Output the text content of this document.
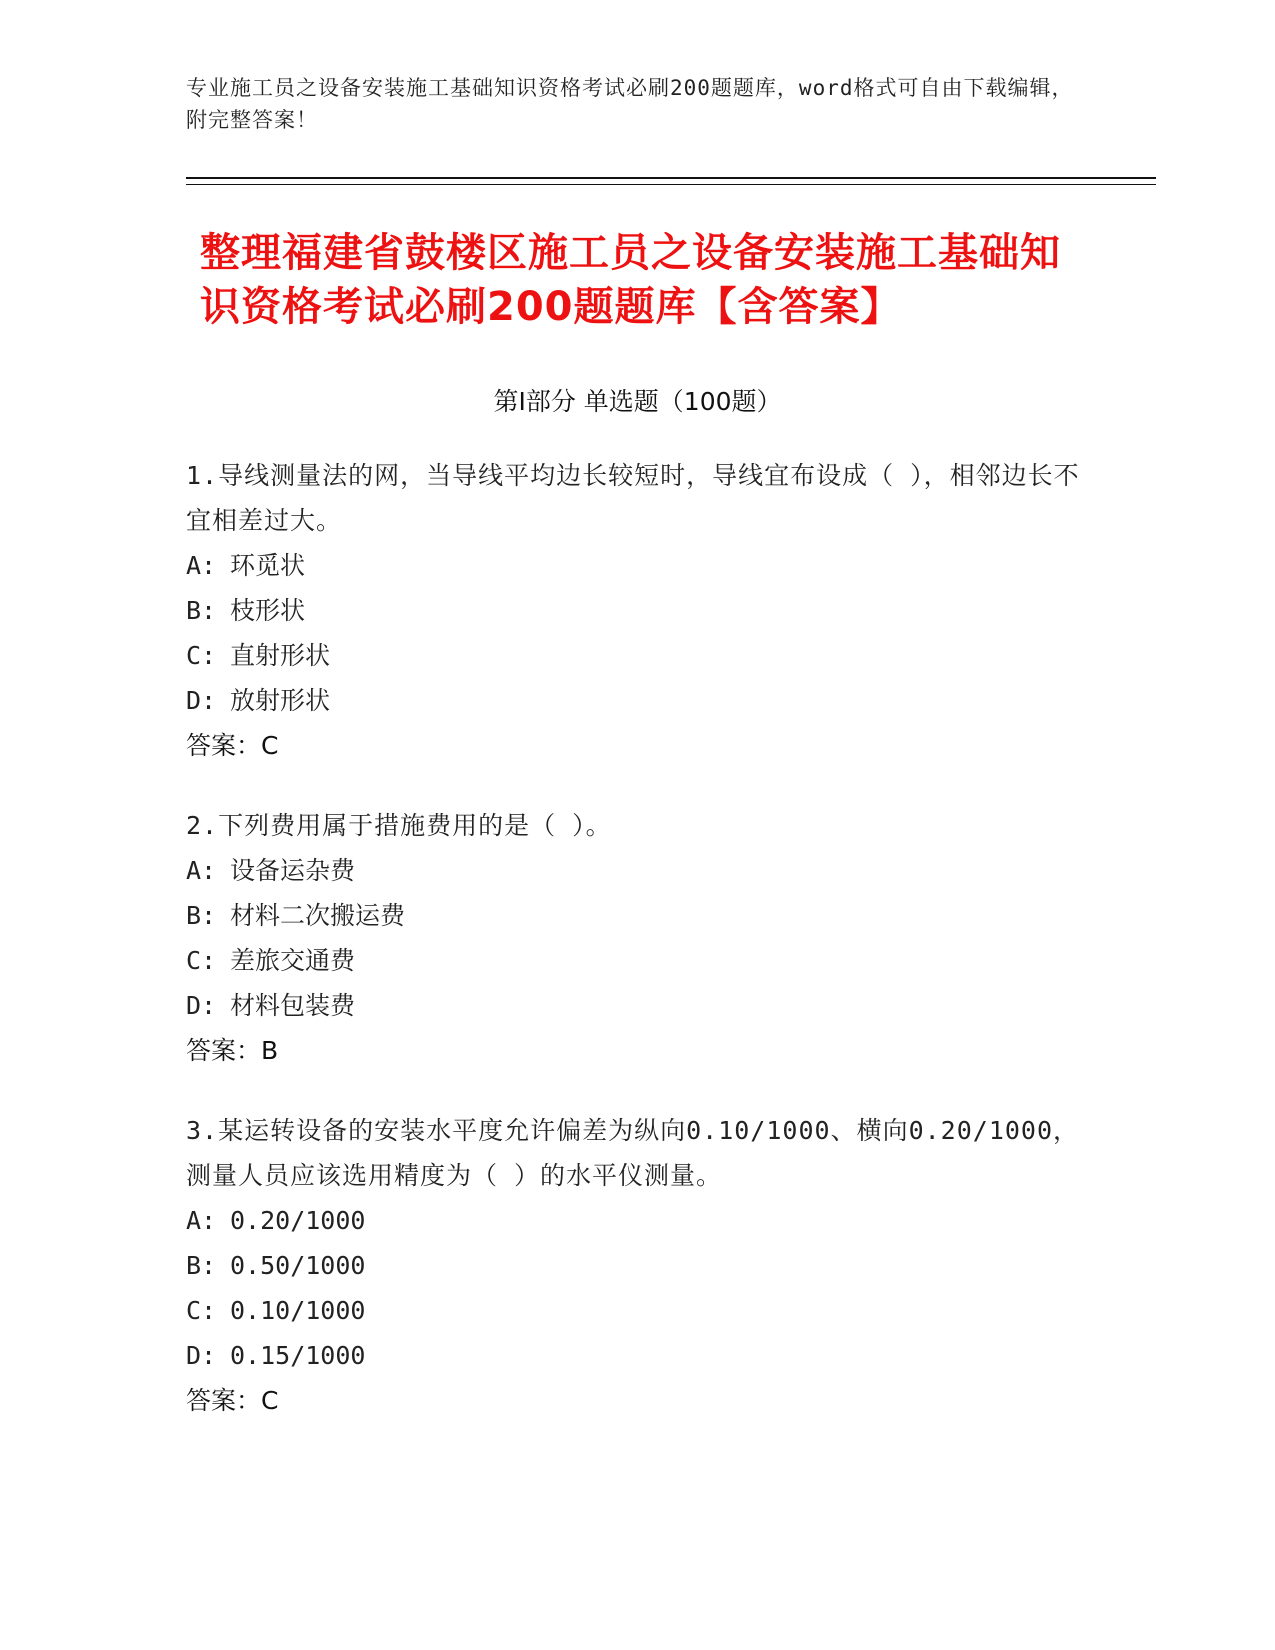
专业施工员之设备安装施工基础知识资格考试必刷200题题库，word格式可自由下载编辑，附完整答案！
整理福建省鼓楼区施工员之设备安装施工基础知识资格考试必刷200题题库【含答案】
第Ⅰ部分 单选题（100题）
1.导线测量法的网，当导线平均边长较短时，导线宜布设成（ ），相邻边长不宜相差过大。
A: 环觅状
B: 枝形状
C: 直射形状
D: 放射形状
答案：C
2.下列费用属于措施费用的是（ ）。
A: 设备运杂费
B: 材料二次搬运费
C: 差旅交通费
D: 材料包装费
答案：B
3.某运转设备的安装水平度允许偏差为纵向0.10/1000、横向0.20/1000，测量人员应该选用精度为（ ）的水平仪测量。
A: 0.20/1000
B: 0.50/1000
C: 0.10/1000
D: 0.15/1000
答案：C
